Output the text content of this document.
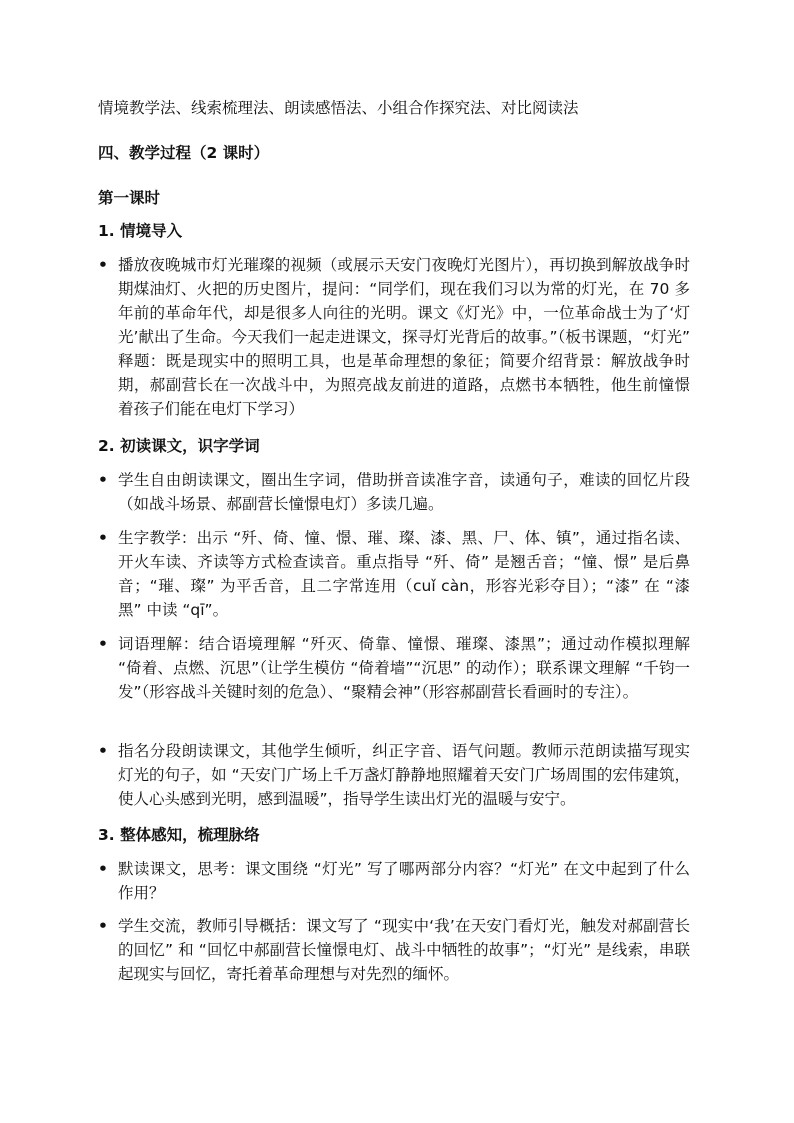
情境教学法、线索梳理法、朗读感悟法、小组合作探究法、对比阅读法
四、教学过程（2 课时）
第一课时
1. 情境导入
• 播放夜晚城市灯光璀璨的视频（或展示天安门夜晚灯光图片），再切换到解放战争时期煤油灯、火把的历史图片，提问：“同学们，现在我们习以为常的灯光，在 70 多年前的革命年代，却是很多人向往的光明。课文《灯光》中，一位革命战士为了‘灯光’献出了生命。今天我们一起走进课文，探寻灯光背后的故事。”（板书课题，“灯光” 释题：既是现实中的照明工具，也是革命理想的象征；简要介绍背景：解放战争时期，郝副营长在一次战斗中，为照亮战友前进的道路，点燃书本牺牲，他生前憧憬着孩子们能在电灯下学习）
2. 初读课文，识字学词
• 学生自由朗读课文，圈出生字词，借助拼音读准字音，读通句子，难读的回忆片段（如战斗场景、郝副营长憧憬电灯）多读几遍。
• 生字教学：出示 “歼、倚、憧、憬、璀、璨、漆、黑、尸、体、镇”，通过指名读、开火车读、齐读等方式检查读音。重点指导 “歼、倚” 是翘舌音；“憧、憬” 是后鼻音；“璀、璨” 为平舌音，且二字常连用（cuǐ càn，形容光彩夺目）；“漆” 在 “漆黑” 中读 “qī”。
• 词语理解：结合语境理解 “歼灭、倚靠、憧憬、璀璨、漆黑”；通过动作模拟理解 “倚着、点燃、沉思”（让学生模仿 “倚着墙”“沉思” 的动作）；联系课文理解 “千钧一发”（形容战斗关键时刻的危急）、“聚精会神”（形容郝副营长看画时的专注）。
• 指名分段朗读课文，其他学生倾听，纠正字音、语气问题。教师示范朗读描写现实灯光的句子，如 “天安门广场上千万盏灯静静地照耀着天安门广场周围的宏伟建筑，使人心头感到光明，感到温暖”，指导学生读出灯光的温暖与安宁。
3. 整体感知，梳理脉络
• 默读课文，思考：课文围绕 “灯光” 写了哪两部分内容？“灯光” 在文中起到了什么作用？
• 学生交流，教师引导概括：课文写了 “现实中‘我’在天安门看灯光，触发对郝副营长的回忆” 和 “回忆中郝副营长憧憬电灯、战斗中牺牲的故事”；“灯光” 是线索，串联起现实与回忆，寄托着革命理想与对先烈的缅怀。
